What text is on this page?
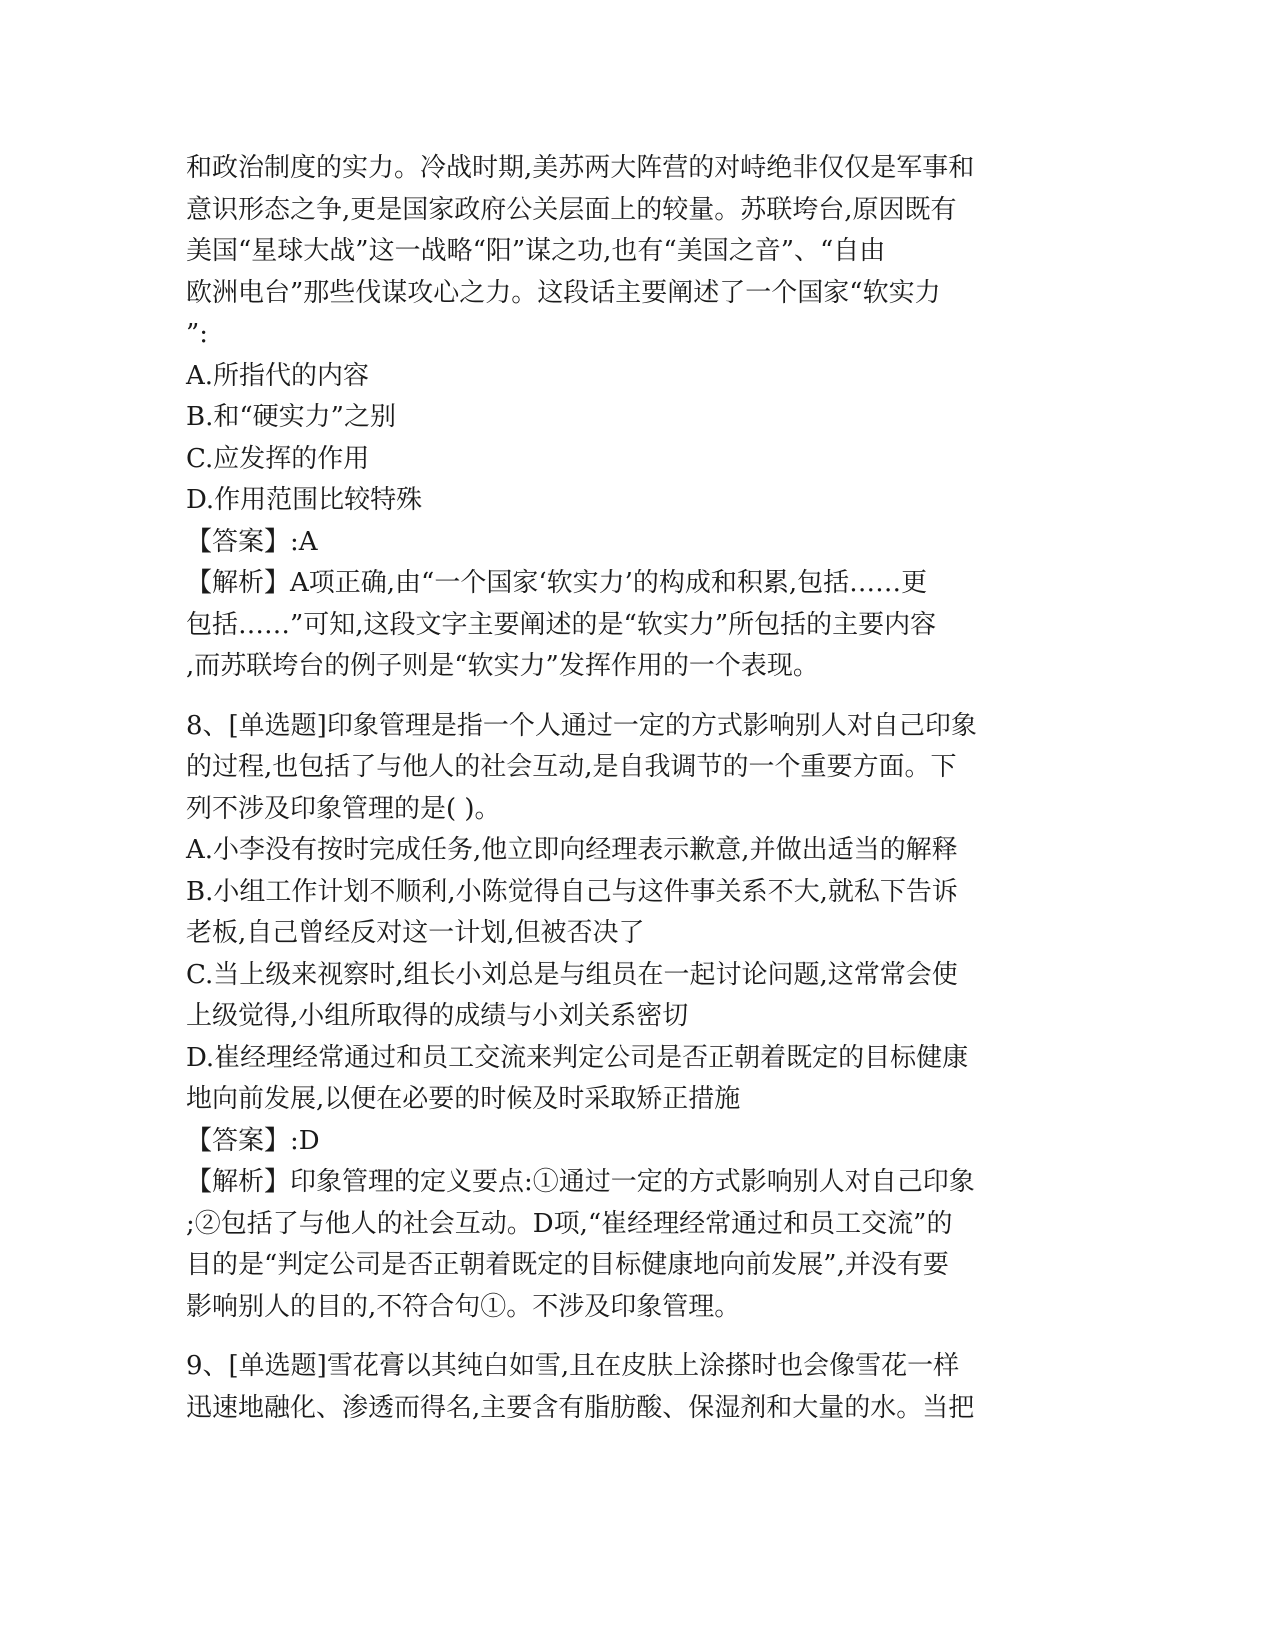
和政治制度的实力。冷战时期,美苏两大阵营的对峙绝非仅仅是军事和
意识形态之争,更是国家政府公关层面上的较量。苏联垮台,原因既有
美国“星球大战”这一战略“阳”谋之功,也有“美国之音”、“自由
欧洲电台”那些伐谋攻心之力。这段话主要阐述了一个国家“软实力
”:
A.所指代的内容
B.和“硬实力”之别
C.应发挥的作用
D.作用范围比较特殊
【答案】:A
【解析】A项正确,由“一个国家‘软实力’的构成和积累,包括……更
包括……”可知,这段文字主要阐述的是“软实力”所包括的主要内容
,而苏联垮台的例子则是“软实力”发挥作用的一个表现。
8、[单选题]印象管理是指一个人通过一定的方式影响别人对自己印象
的过程,也包括了与他人的社会互动,是自我调节的一个重要方面。下
列不涉及印象管理的是( )。
A.小李没有按时完成任务,他立即向经理表示歉意,并做出适当的解释
B.小组工作计划不顺利,小陈觉得自己与这件事关系不大,就私下告诉
老板,自己曾经反对这一计划,但被否决了
C.当上级来视察时,组长小刘总是与组员在一起讨论问题,这常常会使
上级觉得,小组所取得的成绩与小刘关系密切
D.崔经理经常通过和员工交流来判定公司是否正朝着既定的目标健康
地向前发展,以便在必要的时候及时采取矫正措施
【答案】:D
【解析】印象管理的定义要点:①通过一定的方式影响别人对自己印象
;②包括了与他人的社会互动。D项,“崔经理经常通过和员工交流”的
目的是“判定公司是否正朝着既定的目标健康地向前发展”,并没有要
影响别人的目的,不符合句①。不涉及印象管理。
9、[单选题]雪花膏以其纯白如雪,且在皮肤上涂搽时也会像雪花一样
迅速地融化、渗透而得名,主要含有脂肪酸、保湿剂和大量的水。当把
